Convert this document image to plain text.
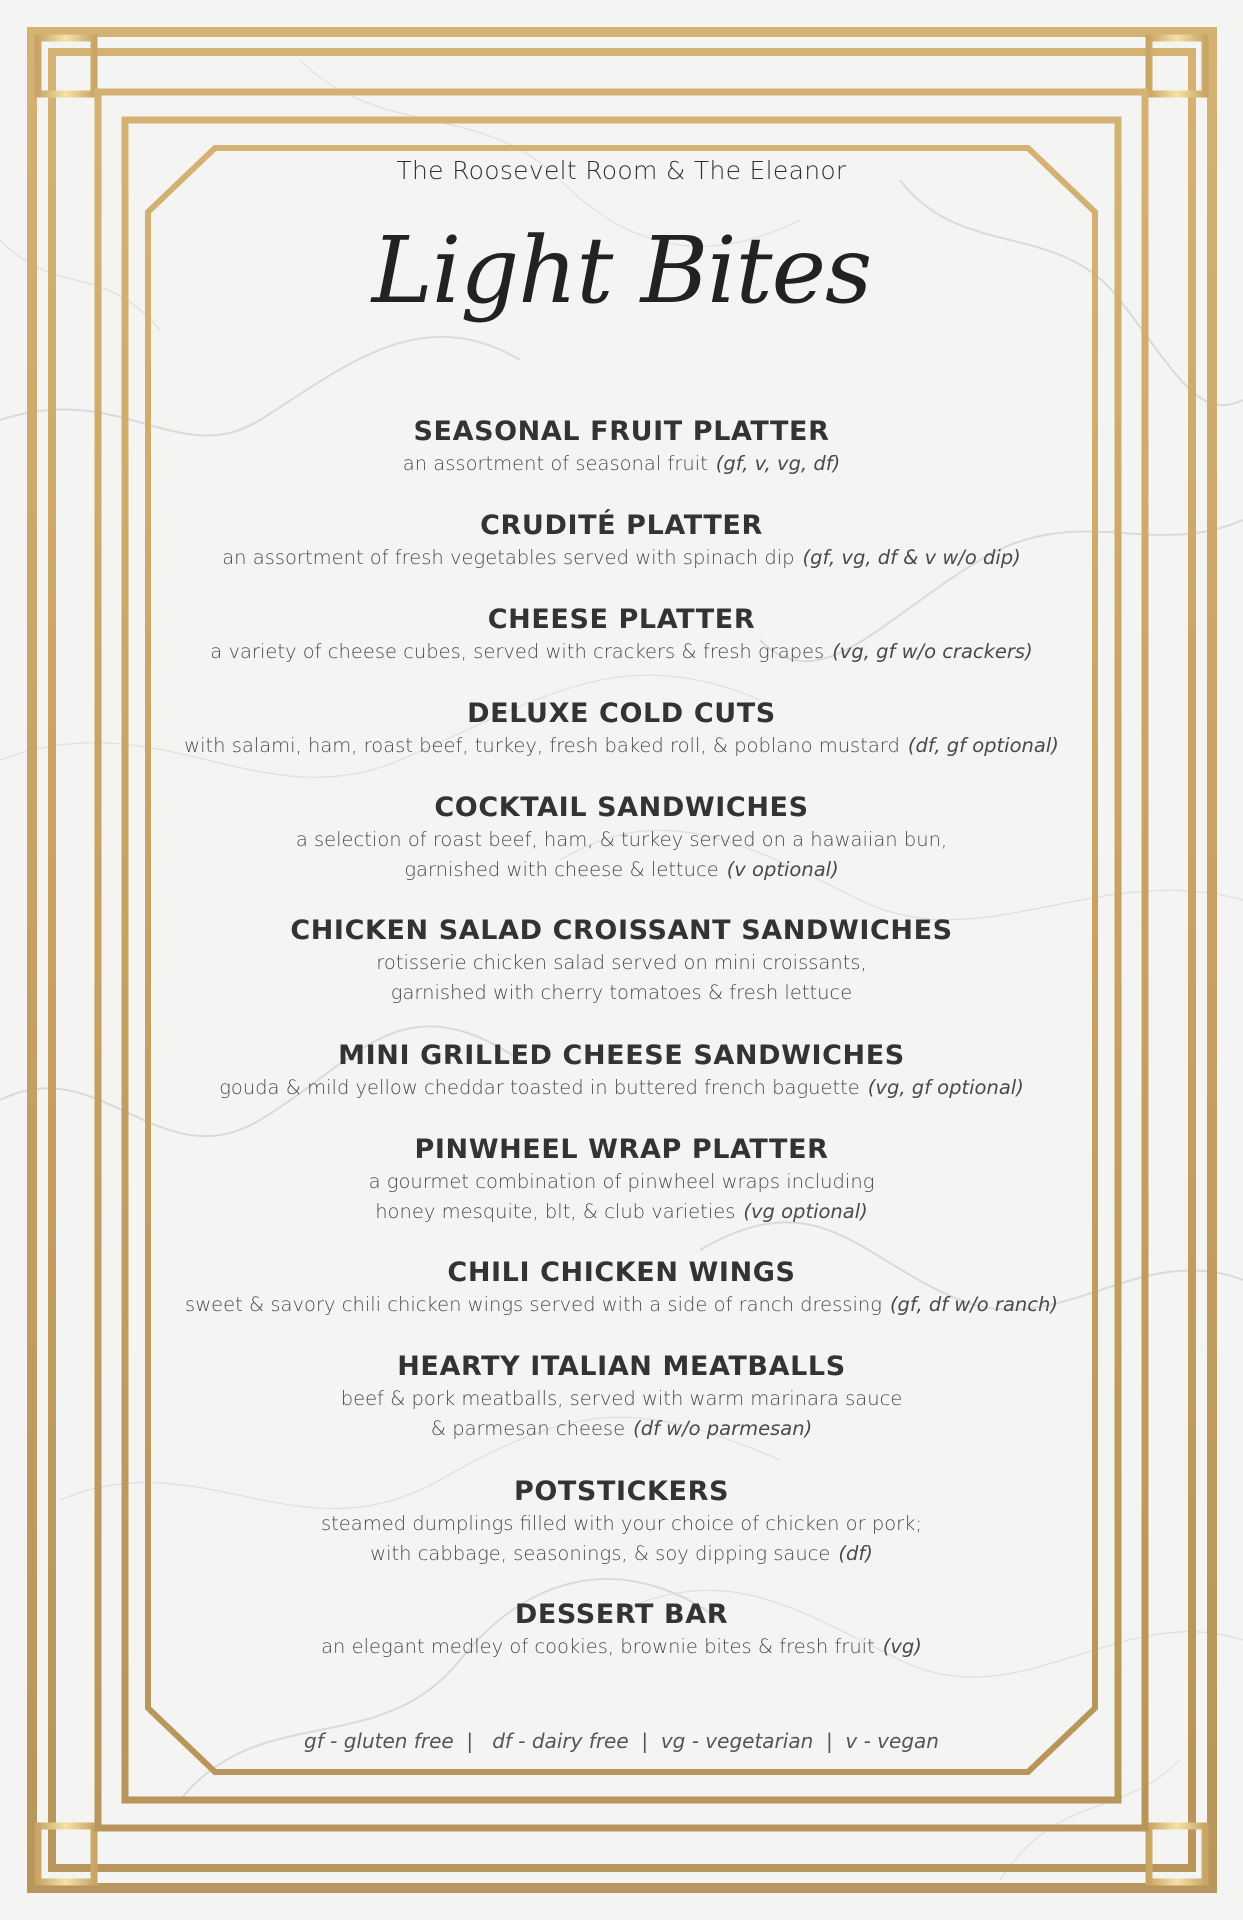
The Roosevelt Room & The Eleanor
Light Bites
SEASONAL FRUIT PLATTER
an assortment of seasonal fruit (gf, v, vg, df)
CRUDITÉ PLATTER
an assortment of fresh vegetables served with spinach dip (gf, vg, df & v w/o dip)
CHEESE PLATTER
a variety of cheese cubes, served with crackers & fresh grapes (vg, gf w/o crackers)
DELUXE COLD CUTS
with salami, ham, roast beef, turkey, fresh baked roll, & poblano mustard (df, gf optional)
COCKTAIL SANDWICHES
a selection of roast beef, ham, & turkey served on a hawaiian bun,
garnished with cheese & lettuce (v optional)
CHICKEN SALAD CROISSANT SANDWICHES
rotisserie chicken salad served on mini croissants,
garnished with cherry tomatoes & fresh lettuce
MINI GRILLED CHEESE SANDWICHES
gouda & mild yellow cheddar toasted in buttered french baguette (vg, gf optional)
PINWHEEL WRAP PLATTER
a gourmet combination of pinwheel wraps including
honey mesquite, blt, & club varieties (vg optional)
CHILI CHICKEN WINGS
sweet & savory chili chicken wings served with a side of ranch dressing (gf, df w/o ranch)
HEARTY ITALIAN MEATBALLS
beef & pork meatballs, served with warm marinara sauce
& parmesan cheese (df w/o parmesan)
POTSTICKERS
steamed dumplings filled with your choice of chicken or pork;
with cabbage, seasonings, & soy dipping sauce (df)
DESSERT BAR
an elegant medley of cookies, brownie bites & fresh fruit (vg)
gf - gluten free  |   df - dairy free  |  vg - vegetarian  |  v - vegan
